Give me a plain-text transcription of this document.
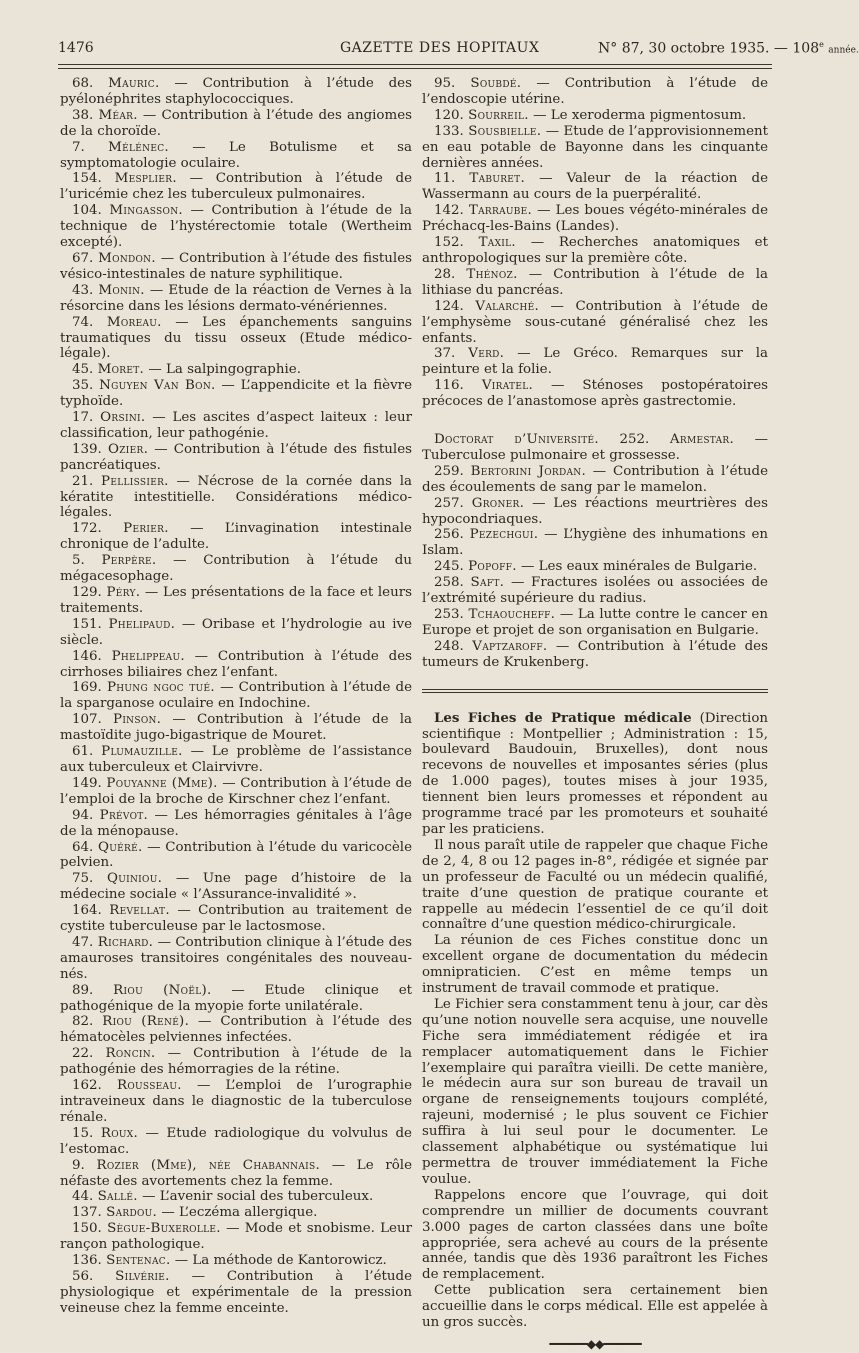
1476	GAZETTE DES HOPITAUX	N° 87, 30 octobre 1935. — 108e année.

68. Mauric. — Contribution à l’étude des pyélonéphrites staphylococciques.

38. Méar. — Contribution à l’étude des angiomes de la choroïde.

7. Mélénec. — Le Botulisme et sa symptomatologie oculaire.

154. Mesplier. — Contribution à l’étude de l’uricémie chez les tuberculeux pulmonaires.

104. Mingasson. — Contribution à l’étude de la technique de l’hystérectomie totale (Wertheim excepté).

67. Mondon. — Contribution à l’étude des fistules vésico-intestinales de nature syphilitique.

43. Monin. — Etude de la réaction de Vernes à la résorcine dans les lésions dermato-vénériennes.

74. Moreau. — Les épanchements sanguins traumatiques du tissu osseux (Etude médico-légale).

45. Moret. — La salpingographie.

35. Nguyen Van Bon. — L’appendicite et la fièvre typhoïde.

17. Orsini. — Les ascites d’aspect laiteux : leur classification, leur pathogénie.

139. Ozier. — Contribution à l’étude des fistules pancréatiques.

21. Pellissier. — Nécrose de la cornée dans la kératite intestitielle. Considérations médico-légales.

172. Perier. — L’invagination intestinale chronique de l’adulte.

5. Perpère. — Contribution à l’étude du mégacesophage.

129. Péry. — Les présentations de la face et leurs traitements.

151. Phelipaud. — Oribase et l’hydrologie au ive siècle.

146. Phelippeau. — Contribution à l’étude des cirrhoses biliaires chez l’enfant.

169. Phung ngoc tué. — Contribution à l’étude de la sparganose oculaire en Indochine.

107. Pinson. — Contribution à l’étude de la mastoïdite jugo-bigastrique de Mouret.

61. Plumauzille. — Le problème de l’assistance aux tuberculeux et Clairvivre.

149. Pouyanne (Mme). — Contribution à l’étude de l’emploi de la broche de Kirschner chez l’enfant.

94. Prévot. — Les hémorragies génitales à l’âge de la ménopause.

64. Quéré. — Contribution à l’étude du varicocèle pelvien.

75. Quiniou. — Une page d’histoire de la médecine sociale « l’Assurance-invalidité ».

164. Revellat. — Contribution au traitement de cystite tuberculeuse par le lactosmose.

47. Richard. — Contribution clinique à l’étude des amauroses transitoires congénitales des nouveau-nés.

89. Riou (Noël). — Etude clinique et pathogénique de la myopie forte unilatérale.

82. Riou (René). — Contribution à l’étude des hématocèles pelviennes infectées.

22. Roncin. — Contribution à l’étude de la pathogénie des hémorragies de la rétine.

162. Rousseau. — L’emploi de l’urographie intraveineux dans le diagnostic de la tuberculose rénale.

15. Roux. — Etude radiologique du volvulus de l’estomac.

9. Rozier (Mme), née Chabannais. — Le rôle néfaste des avortements chez la femme.

44. Sallé. — L’avenir social des tuberculeux.

137. Sardou. — L’eczéma allergique.

150. Sègue-Buxerolle. — Mode et snobisme. Leur rançon pathologique.

136. Sentenac. — La méthode de Kantorowicz.

56. Silvérie. — Contribution à l’étude physiologique et expérimentale de la pression veineuse chez la femme enceinte.

95. Soubdé. — Contribution à l’étude de l’endoscopie utérine.

120. Sourreil. — Le xeroderma pigmentosum.

133. Sousbielle. — Etude de l’approvisionnement en eau potable de Bayonne dans les cinquante dernières années.

11. Taburet. — Valeur de la réaction de Wassermann au cours de la puerpéralité.

142. Tarraube. — Les boues végéto-minérales de Préchacq-les-Bains (Landes).

152. Taxil. — Recherches anatomiques et anthropologiques sur la première côte.

28. Thénoz. — Contribution à l’étude de la lithiase du pancréas.

124. Valarché. — Contribution à l’étude de l’emphysème sous-cutané généralisé chez les enfants.

37. Verd. — Le Gréco. Remarques sur la peinture et la folie.

116. Viratel. — Sténoses postopératoires précoces de l’anastomose après gastrectomie.

Doctorat d’Université. 252. Armestar. — Tuberculose pulmonaire et grossesse.

259. Bertorini Jordan. — Contribution à l’étude des écoulements de sang par le mamelon.

257. Groner. — Les réactions meurtrières des hypocondriaques.

256. Pezechgui. — L’hygiène des inhumations en Islam.

245. Popoff. — Les eaux minérales de Bulgarie.

258. Saft. — Fractures isolées ou associées de l’extrémité supérieure du radius.

253. Tchaoucheff. — La lutte contre le cancer en Europe et projet de son organisation en Bulgarie.

248. Vaptzaroff. — Contribution à l’étude des tumeurs de Krukenberg.

Les Fiches de Pratique médicale (Direction scientifique : Montpellier ; Administration : 15, boulevard Baudouin, Bruxelles), dont nous recevons de nouvelles et imposantes séries (plus de 1.000 pages), toutes mises à jour 1935, tiennent bien leurs promesses et répondent au programme tracé par les promoteurs et souhaité par les praticiens.

Il nous paraît utile de rappeler que chaque Fiche de 2, 4, 8 ou 12 pages in-8°, rédigée et signée par un professeur de Faculté ou un médecin qualifié, traite d’une question de pratique courante et rappelle au médecin l’essentiel de ce qu’il doit connaître d’une question médico-chirurgicale.

La réunion de ces Fiches constitue donc un excellent organe de documentation du médecin omnipraticien. C’est en même temps un instrument de travail commode et pratique.

Le Fichier sera constamment tenu à jour, car dès qu’une notion nouvelle sera acquise, une nouvelle Fiche sera immédiatement rédigée et ira remplacer automatiquement dans le Fichier l’exemplaire qui paraîtra vieilli. De cette manière, le médecin aura sur son bureau de travail un organe de renseignements toujours complété, rajeuni, modernisé ; le plus souvent ce Fichier suffira à lui seul pour le documenter. Le classement alphabétique ou systématique lui permettra de trouver immédiatement la Fiche voulue.

Rappelons encore que l’ouvrage, qui doit comprendre un millier de documents couvrant 3.000 pages de carton classées dans une boîte appropriée, sera achevé au cours de la présente année, tandis que dès 1936 paraîtront les Fiches de remplacement.

Cette publication sera certainement bien accueillie dans le corps médical. Elle est appelée à un gros succès.

━━━━━━◆◆━━━━━━
